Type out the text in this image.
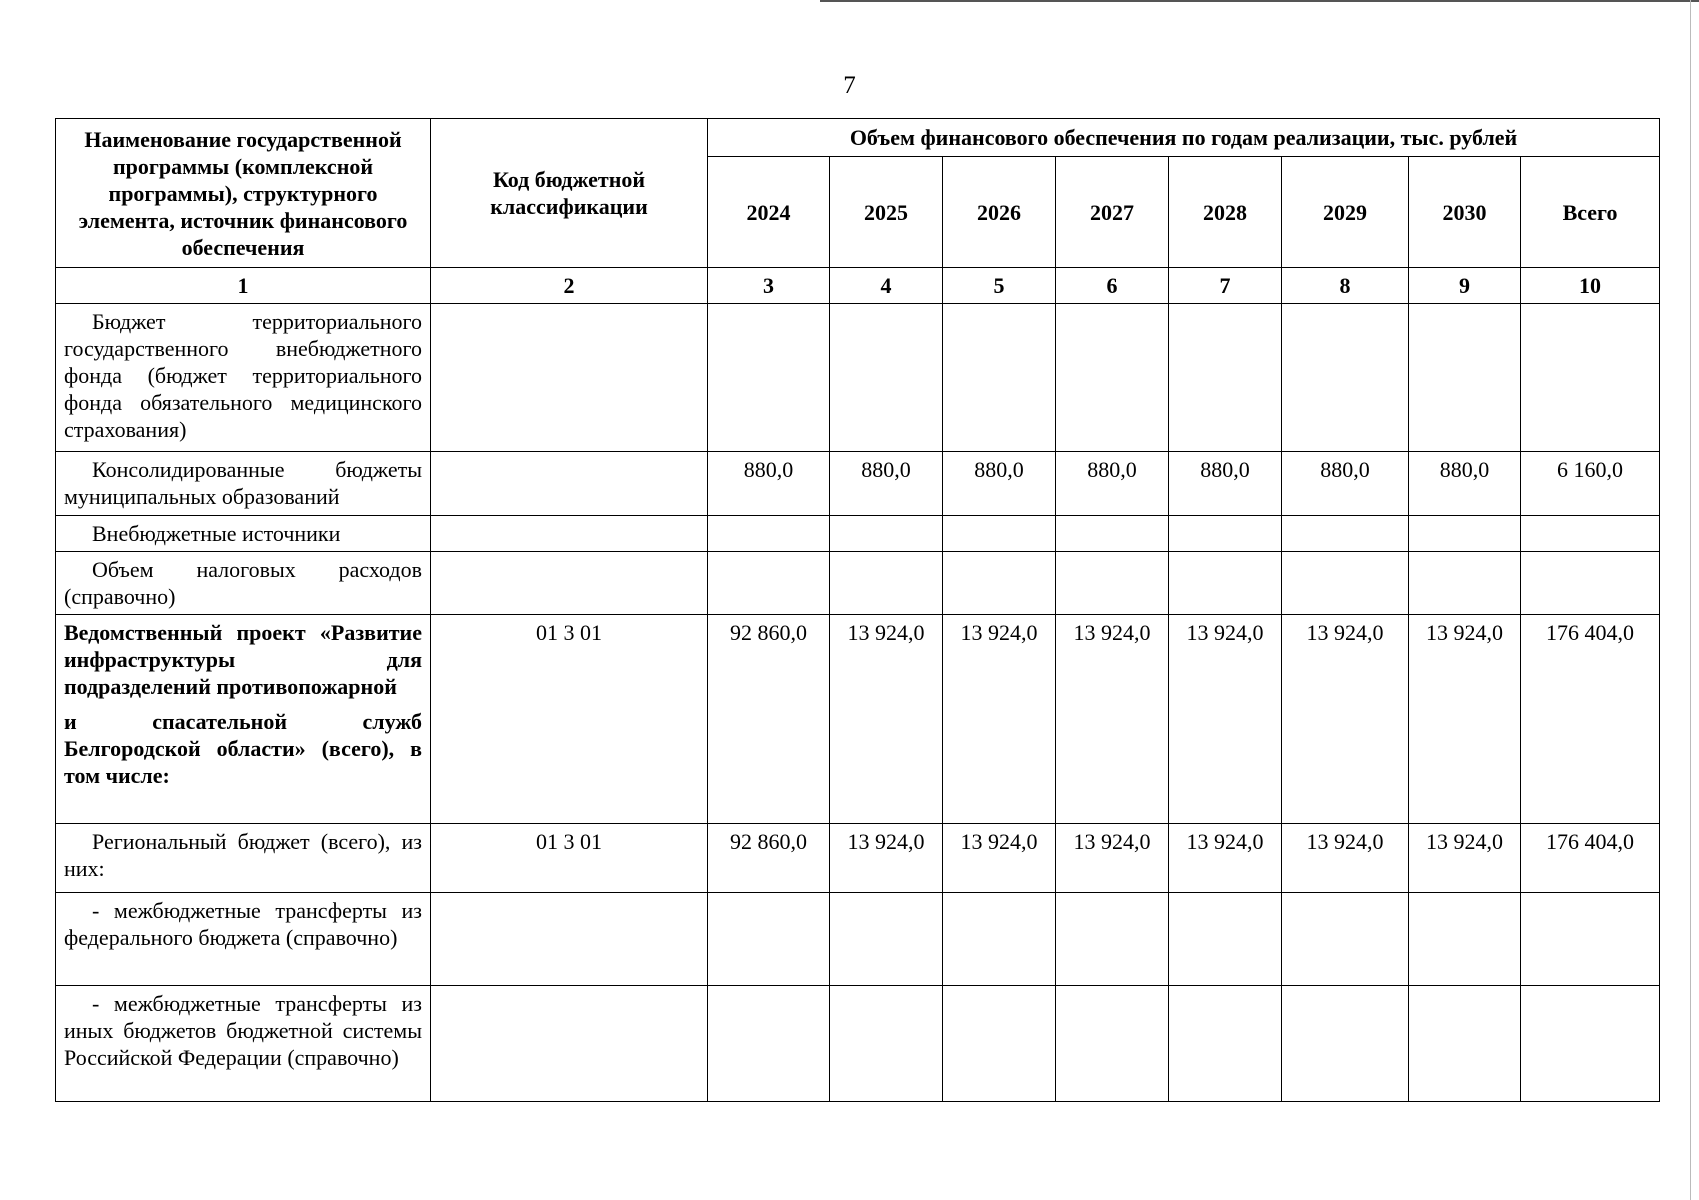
7
Наименование государственной программы (комплексной программы), структурного элемента, источник финансового обеспечения	Код бюджетной классификации	Объем финансового обеспечения по годам реализации, тыс. рублей							
		2024	2025	2026	2027	2028	2029	2030	Всего
1	2	3	4	5	6	7	8	9	10

Бюджет территориального государственного внебюджетного фонда (бюджет территориального фонда обязательного медицинского страхования)									

Консолидированные бюджеты муниципальных образований		880,0	880,0	880,0	880,0	880,0	880,0	880,0	6 160,0

Внебюджетные источники									

Объем налоговых расходов (справочно)									

Ведомственный проект «Развитие инфраструктуры для подразделений противопожарной

и спасательной служб Белгородской области» (всего), в том числе:	01 3 01	92 860,0	13 924,0	13 924,0	13 924,0	13 924,0	13 924,0	13 924,0	176 404,0

Региональный бюджет (всего), из них:	01 3 01	92 860,0	13 924,0	13 924,0	13 924,0	13 924,0	13 924,0	13 924,0	176 404,0

- межбюджетные трансферты из федерального бюджета (справочно)									

- межбюджетные трансферты из иных бюджетов бюджетной системы Российской Федерации (справочно)									
